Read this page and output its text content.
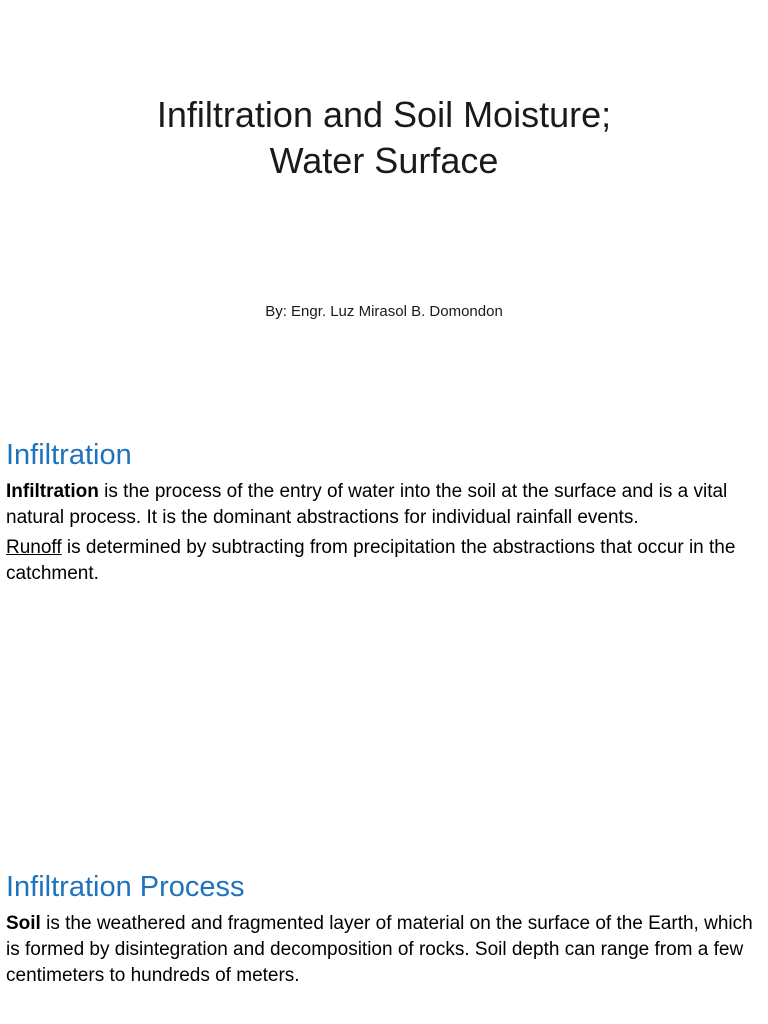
Infiltration and Soil Moisture;
Water Surface
By: Engr. Luz Mirasol B. Domondon
Infiltration

Infiltration is the process of the entry of water into the soil at the surface and is a vital natural process. It is the dominant abstractions for individual rainfall events.

Runoff is determined by subtracting from precipitation the abstractions that occur in the catchment.

Infiltration Process

Soil is the weathered and fragmented layer of material on the surface of the Earth, which is formed by disintegration and decomposition of rocks. Soil depth can range from a few centimeters to hundreds of meters.
